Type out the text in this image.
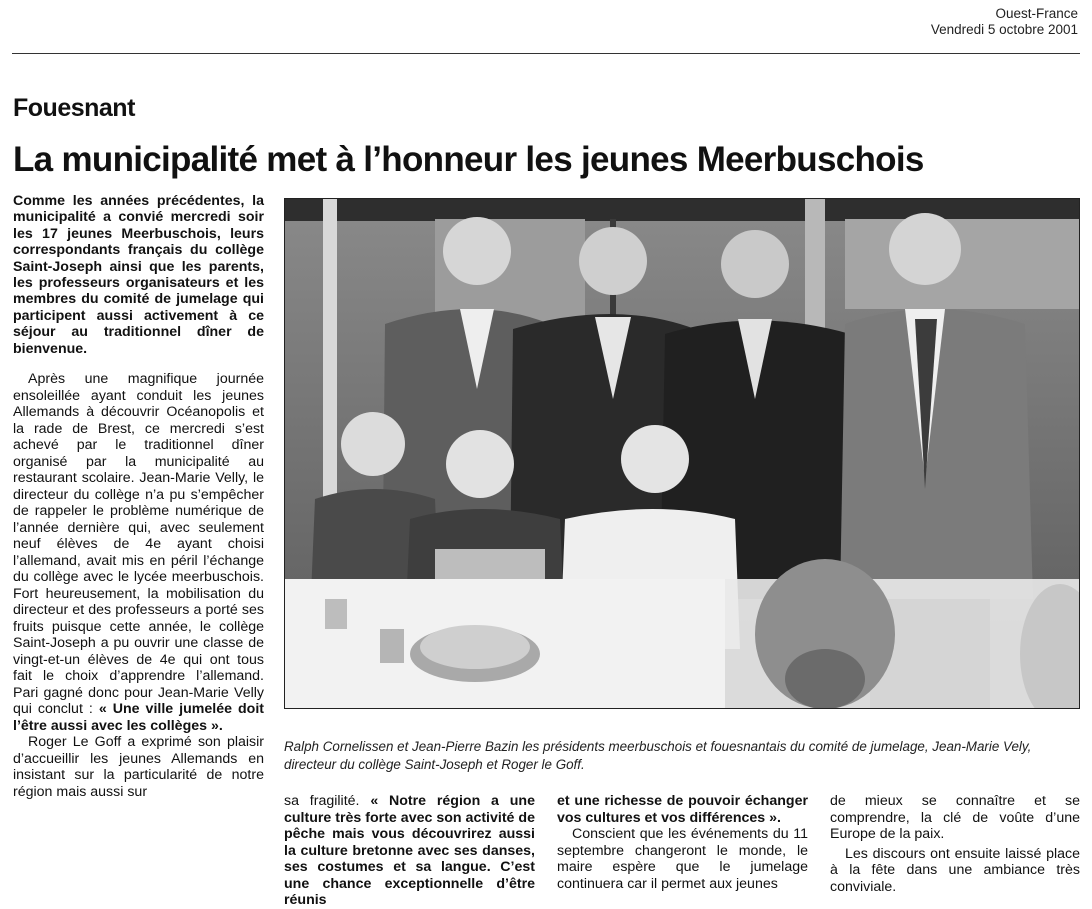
Ouest-France
Vendredi 5 octobre 2001
Fouesnant
La municipalité met à l’honneur les jeunes Meerbuschois

Comme les années précédentes, la municipalité a convié mercredi soir les 17 jeunes Meerbuschois, leurs correspondants français du collège Saint-Joseph ainsi que les parents, les professeurs organisateurs et les membres du comité de jumelage qui participent aussi activement à ce séjour au traditionnel dîner de bienvenue.

Après une magnifique journée ensoleillée ayant conduit les jeunes Allemands à découvrir Océanopolis et la rade de Brest, ce mercredi s’est achevé par le traditionnel dîner organisé par la municipalité au restaurant scolaire. Jean-Marie Velly, le directeur du collège n’a pu s’empêcher de rappeler le problème numérique de l’année dernière qui, avec seulement neuf élèves de 4e ayant choisi l’allemand, avait mis en péril l’échange du collège avec le lycée meerbuschois. Fort heureusement, la mobilisation du directeur et des professeurs a porté ses fruits puisque cette année, le collège Saint-Joseph a pu ouvrir une classe de vingt-et-un élèves de 4e qui ont tous fait le choix d’apprendre l’allemand. Pari gagné donc pour Jean-Marie Velly qui conclut : « Une ville jumelée doit l’être aussi avec les collèges ».

Roger Le Goff a exprimé son plaisir d’accueillir les jeunes Allemands en insistant sur la particularité de notre région mais aussi sur

Ralph Cornelissen et Jean-Pierre Bazin les présidents meerbuschois et fouesnantais du comité de jumelage, Jean-Marie Vely, directeur du collège Saint-Joseph et Roger le Goff.

sa fragilité. « Notre région a une culture très forte avec son activité de pêche mais vous découvrirez aussi la culture bretonne avec ses danses, ses costumes et sa langue. C’est une chance exceptionnelle d’être réunis

et une richesse de pouvoir échanger vos cultures et vos différences ».

Conscient que les événements du 11 septembre changeront le monde, le maire espère que le jumelage continuera car il permet aux jeunes

de mieux se connaître et se comprendre, la clé de voûte d’une Europe de la paix.

Les discours ont ensuite laissé place à la fête dans une ambiance très conviviale.
